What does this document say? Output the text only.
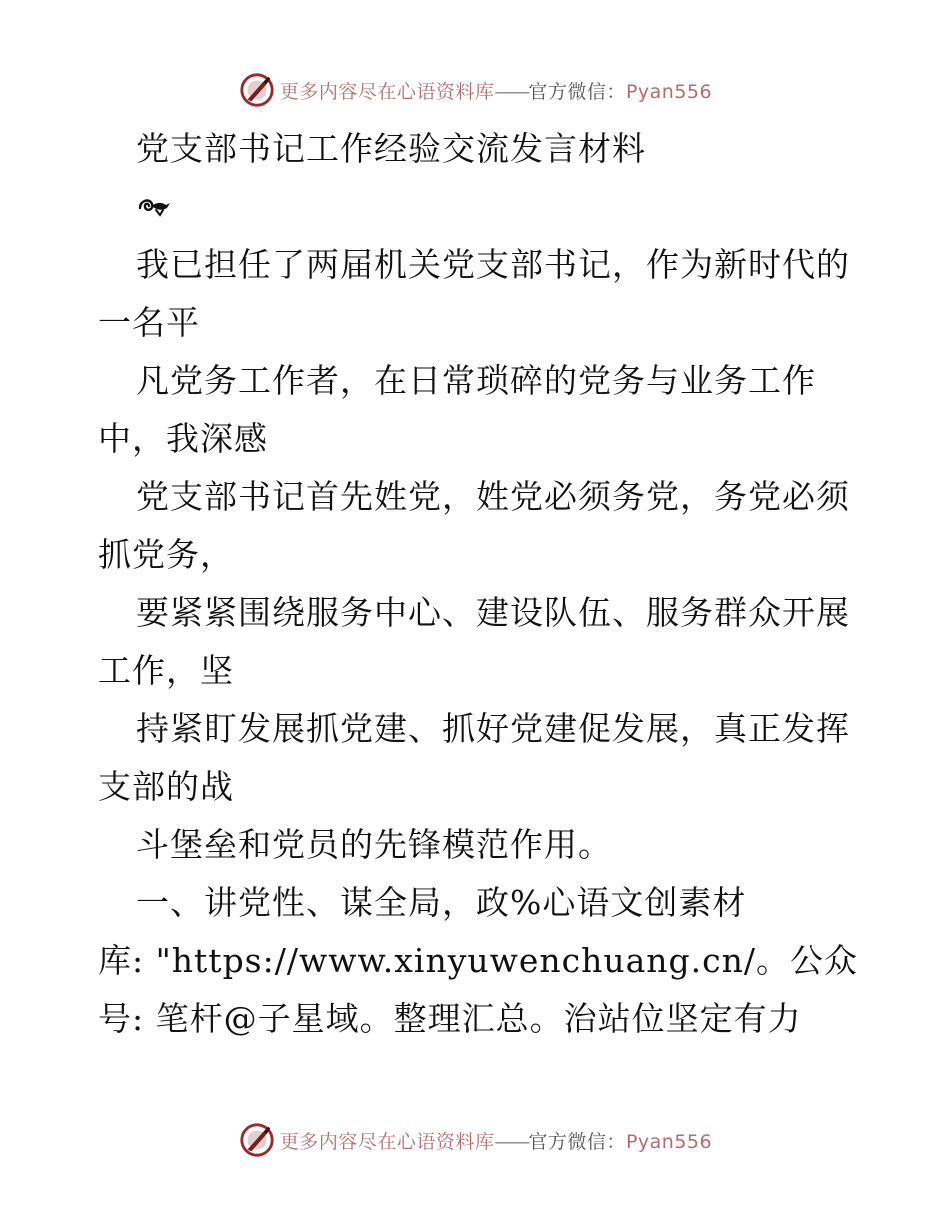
更多内容尽在心语资料库——官方微信：Pyan556
党支部书记工作经验交流发言材料
我已担任了两届机关党支部书记，作为新时代的
一名平
凡党务工作者，在日常琐碎的党务与业务工作
中，我深感
党支部书记首先姓党，姓党必须务党，务党必须
抓党务，
要紧紧围绕服务中心、建设队伍、服务群众开展
工作，坚
持紧盯发展抓党建、抓好党建促发展，真正发挥
支部的战
斗堡垒和党员的先锋模范作用。
一、讲党性、谋全局，政%心语文创素材
库: "https://www.xinyuwenchuang.cn/。公众
号: 笔杆@子星域。整理汇总。治站位坚定有力
更多内容尽在心语资料库——官方微信：Pyan556
